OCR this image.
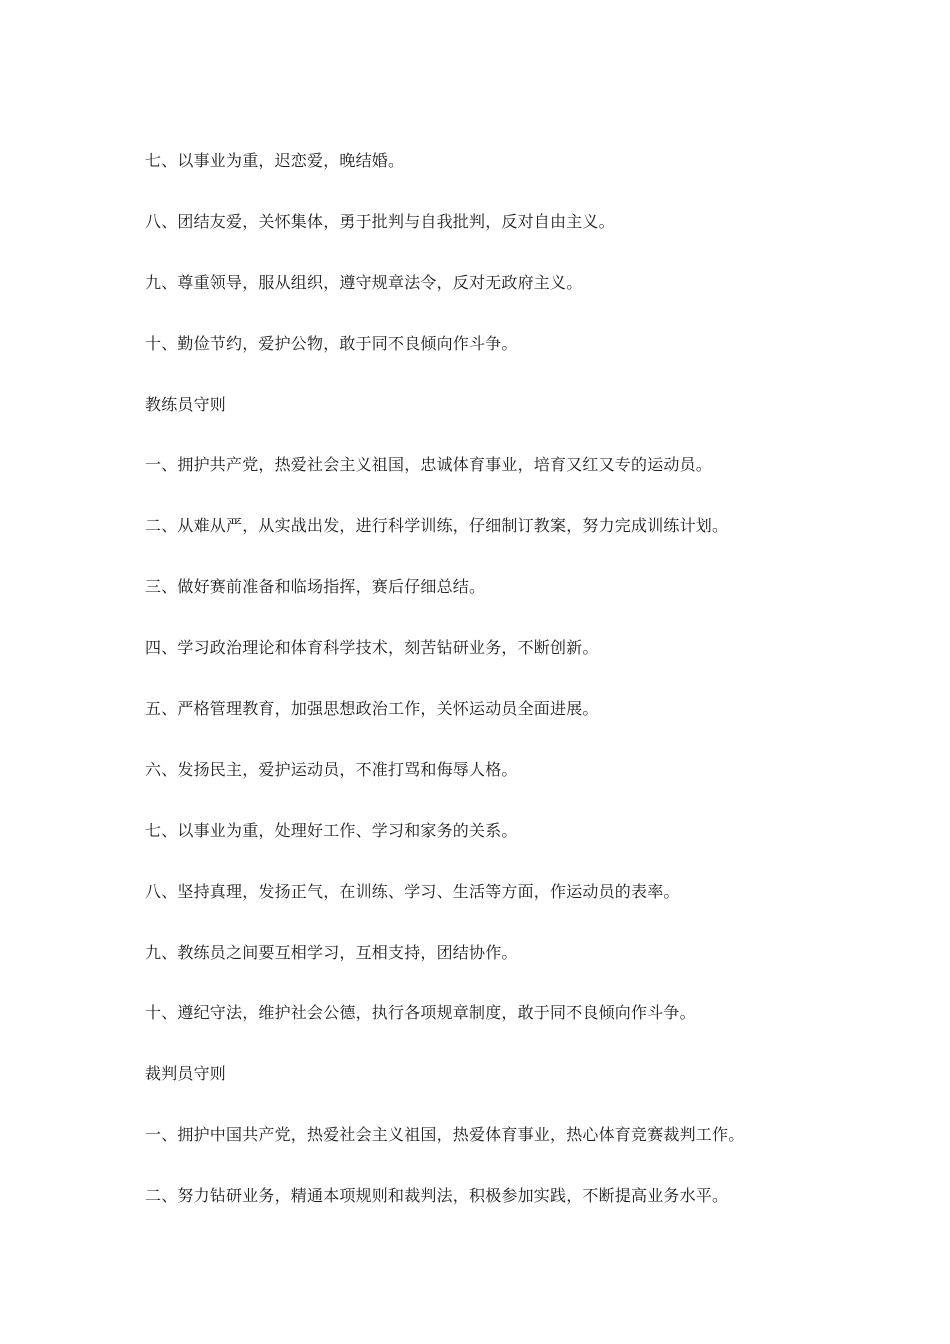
七、以事业为重，迟恋爱，晚结婚。
八、团结友爱，关怀集体，勇于批判与自我批判，反对自由主义。
九、尊重领导，服从组织，遵守规章法令，反对无政府主义。
十、勤俭节约，爱护公物，敢于同不良倾向作斗争。
教练员守则
一、拥护共产党，热爱社会主义祖国，忠诚体育事业，培育又红又专的运动员。
二、从难从严，从实战出发，进行科学训练，仔细制订教案，努力完成训练计划。
三、做好赛前准备和临场指挥，赛后仔细总结。
四、学习政治理论和体育科学技术，刻苦钻研业务，不断创新。
五、严格管理教育，加强思想政治工作，关怀运动员全面进展。
六、发扬民主，爱护运动员，不准打骂和侮辱人格。
七、以事业为重，处理好工作、学习和家务的关系。
八、坚持真理，发扬正气，在训练、学习、生活等方面，作运动员的表率。
九、教练员之间要互相学习，互相支持，团结协作。
十、遵纪守法，维护社会公德，执行各项规章制度，敢于同不良倾向作斗争。
裁判员守则
一、拥护中国共产党，热爱社会主义祖国，热爱体育事业，热心体育竞赛裁判工作。
二、努力钻研业务，精通本项规则和裁判法，积极参加实践，不断提高业务水平。
